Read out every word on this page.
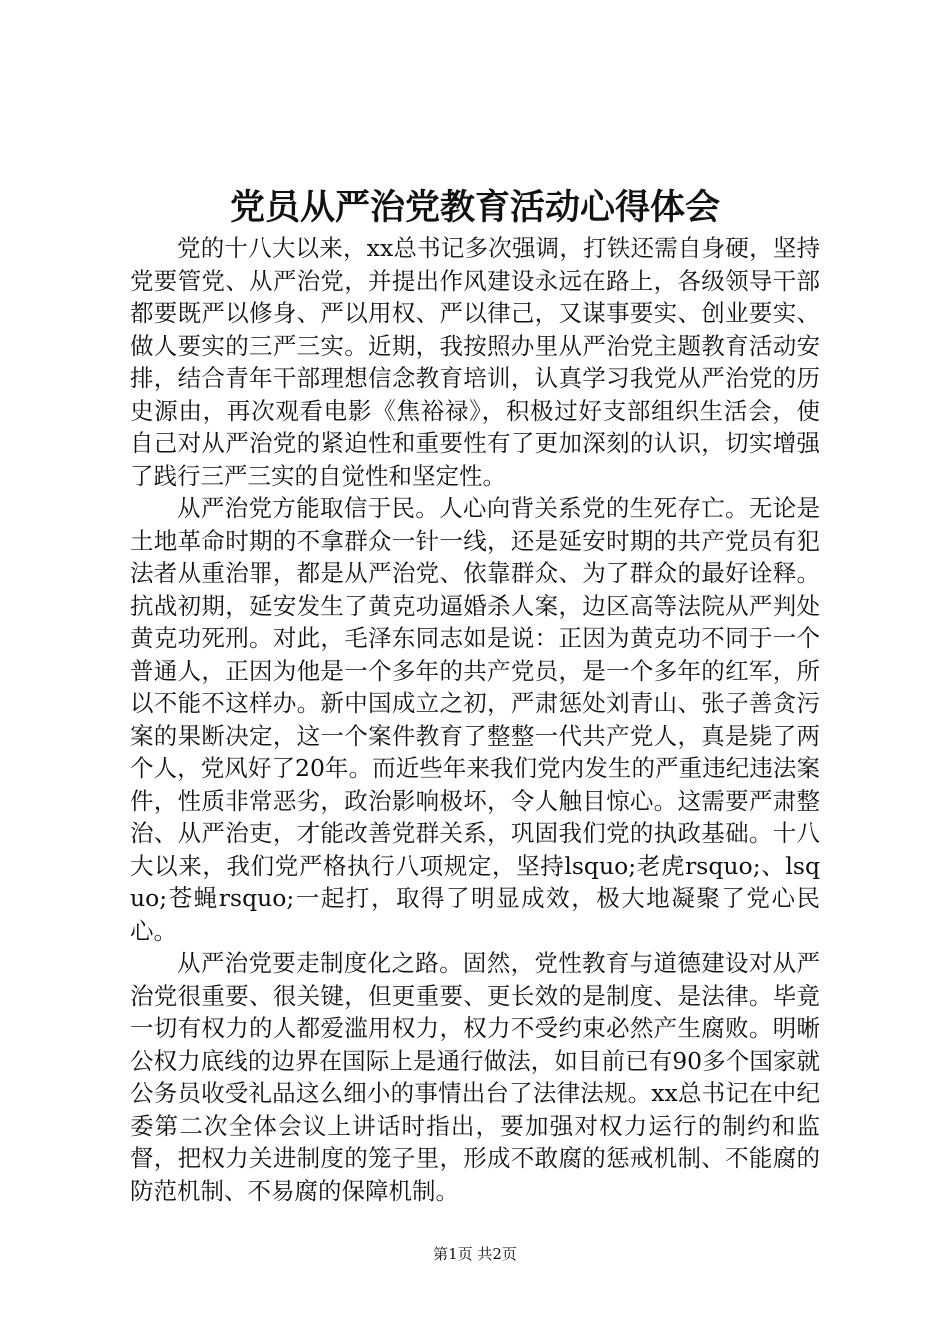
党员从严治党教育活动心得体会

党的十八大以来，xx总书记多次强调，打铁还需自身硬，坚持党要管党、从严治党，并提出作风建设永远在路上，各级领导干部都要既严以修身、严以用权、严以律己，又谋事要实、创业要实、做人要实的三严三实。近期，我按照办里从严治党主题教育活动安排，结合青年干部理想信念教育培训，认真学习我党从严治党的历史源由，再次观看电影《焦裕禄》，积极过好支部组织生活会，使自己对从严治党的紧迫性和重要性有了更加深刻的认识，切实增强了践行三严三实的自觉性和坚定性。

从严治党方能取信于民。人心向背关系党的生死存亡。无论是土地革命时期的不拿群众一针一线，还是延安时期的共产党员有犯法者从重治罪，都是从严治党、依靠群众、为了群众的最好诠释。抗战初期，延安发生了黄克功逼婚杀人案，边区高等法院从严判处黄克功死刑。对此，毛泽东同志如是说：正因为黄克功不同于一个普通人，正因为他是一个多年的共产党员，是一个多年的红军，所以不能不这样办。新中国成立之初，严肃惩处刘青山、张子善贪污案的果断决定，这一个案件教育了整整一代共产党人，真是毙了两个人，党风好了20年。而近些年来我们党内发生的严重违纪违法案件，性质非常恶劣，政治影响极坏，令人触目惊心。这需要严肃整治、从严治吏，才能改善党群关系，巩固我们党的执政基础。十八大以来，我们党严格执行八项规定，坚持lsquo;老虎rsquo;、lsquo;苍蝇rsquo;一起打，取得了明显成效，极大地凝聚了党心民心。

从严治党要走制度化之路。固然，党性教育与道德建设对从严治党很重要、很关键，但更重要、更长效的是制度、是法律。毕竟一切有权力的人都爱滥用权力，权力不受约束必然产生腐败。明晰公权力底线的边界在国际上是通行做法，如目前已有90多个国家就公务员收受礼品这么细小的事情出台了法律法规。xx总书记在中纪委第二次全体会议上讲话时指出，要加强对权力运行的制约和监督，把权力关进制度的笼子里，形成不敢腐的惩戒机制、不能腐的防范机制、不易腐的保障机制。

第1页 共2页
